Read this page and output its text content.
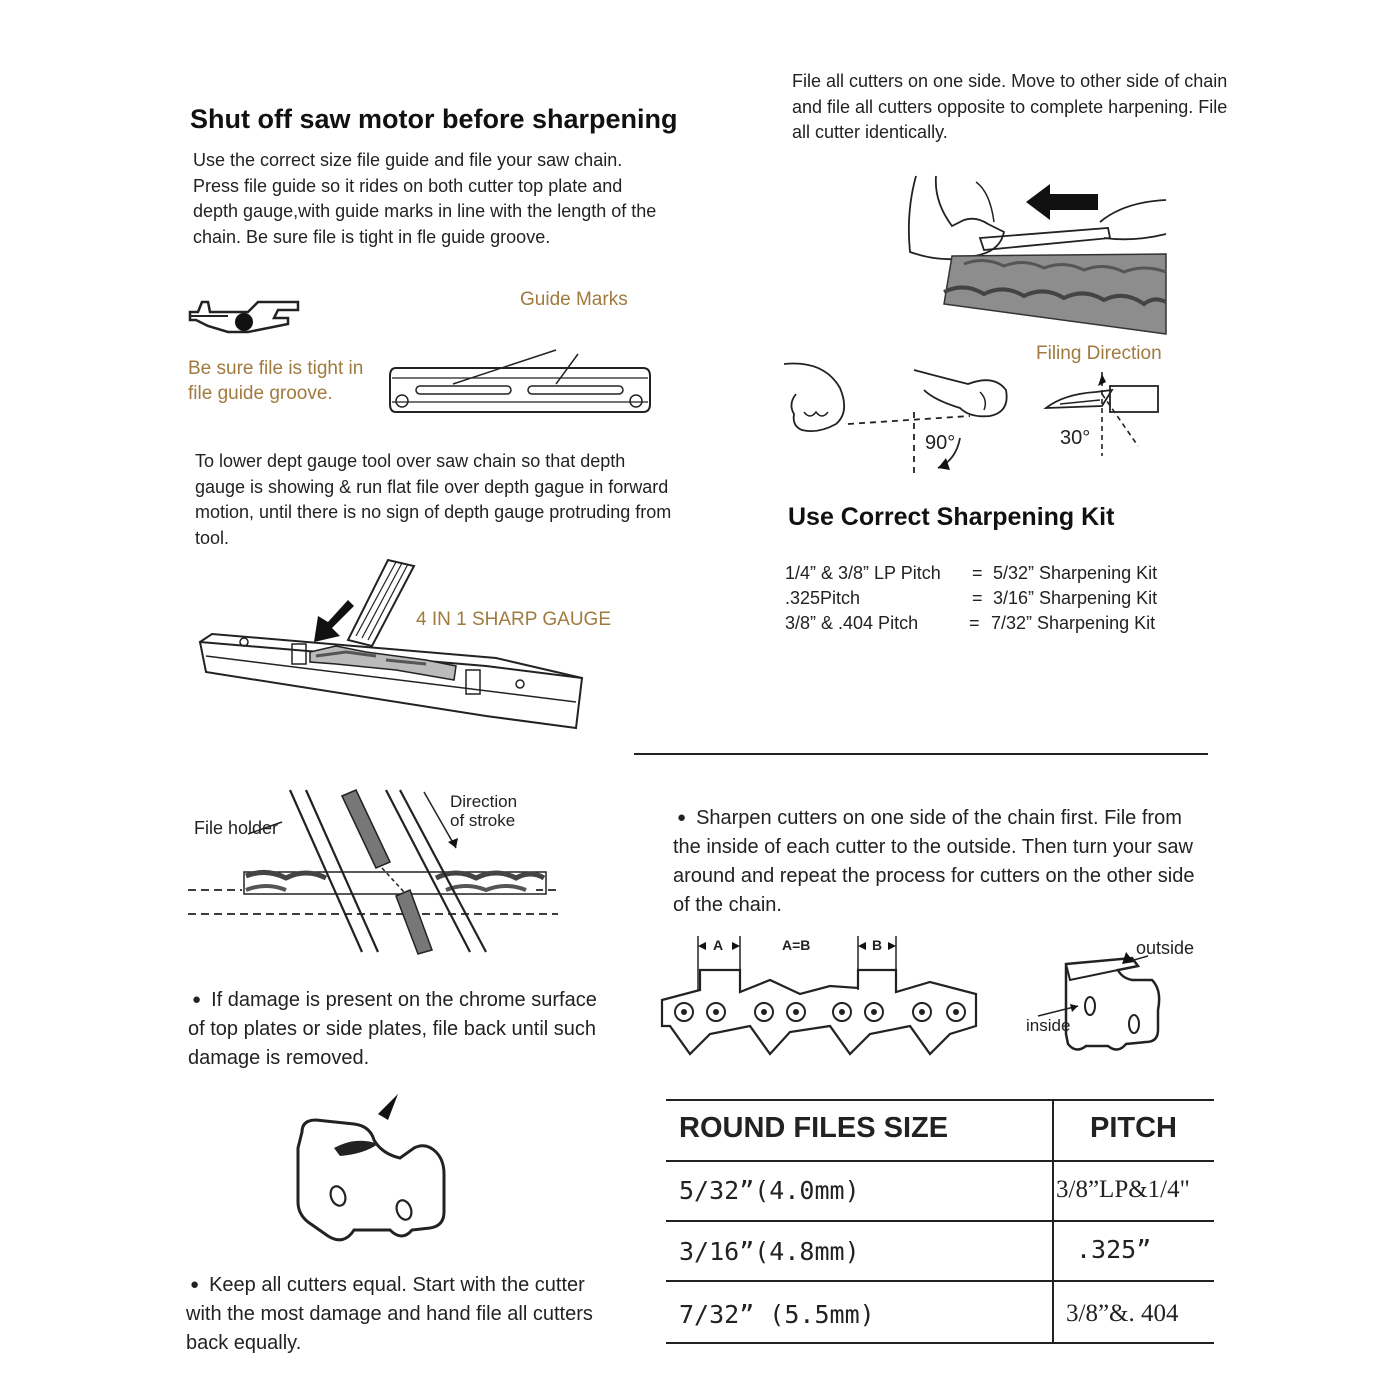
Shut off saw motor before sharpening
Use the correct size file guide and file your saw chain. Press file guide so it rides on both cutter top plate and depth gauge,with guide marks in line with the length of the chain. Be sure file is tight in fle guide groove.
Guide Marks
Be sure file is tight in
file guide groove.
To lower dept gauge tool over saw chain so that depth gauge is showing & run flat file over depth gague in forward motion, until there is no sign of depth gauge protruding from tool.
4 IN 1 SHARP GAUGE
File all cutters on one side. Move to other side of chain and file all cutters opposite to complete harpening. File all cutter identically.
Filing Direction
90°	30°
Use Correct Sharpening Kit
1/4” & 3/8” LP Pitch = 5/32” Sharpening Kit
.325Pitch	= 3/16” Sharpening Kit
3/8” & .404 Pitch	= 7/32” Sharpening Kit
File holder
Direction
of stroke
● If damage is present on the chrome surface of top plates or side plates, file back until such damage is removed.
● Keep all cutters equal. Start with the cutter with the most damage and hand file all cutters back equally.
● Sharpen cutters on one side of the chain first. File from the inside of each cutter to the outside. Then turn your saw around and repeat the process for cutters on the other side of the chain.
A	A=B	B	outside
inside
ROUND FILES SIZE	PITCH
5/32”(4.0mm)	3/8”LP&1/4"
3/16”(4.8mm)	.325”
7/32” (5.5mm)	3/8”&. 404
